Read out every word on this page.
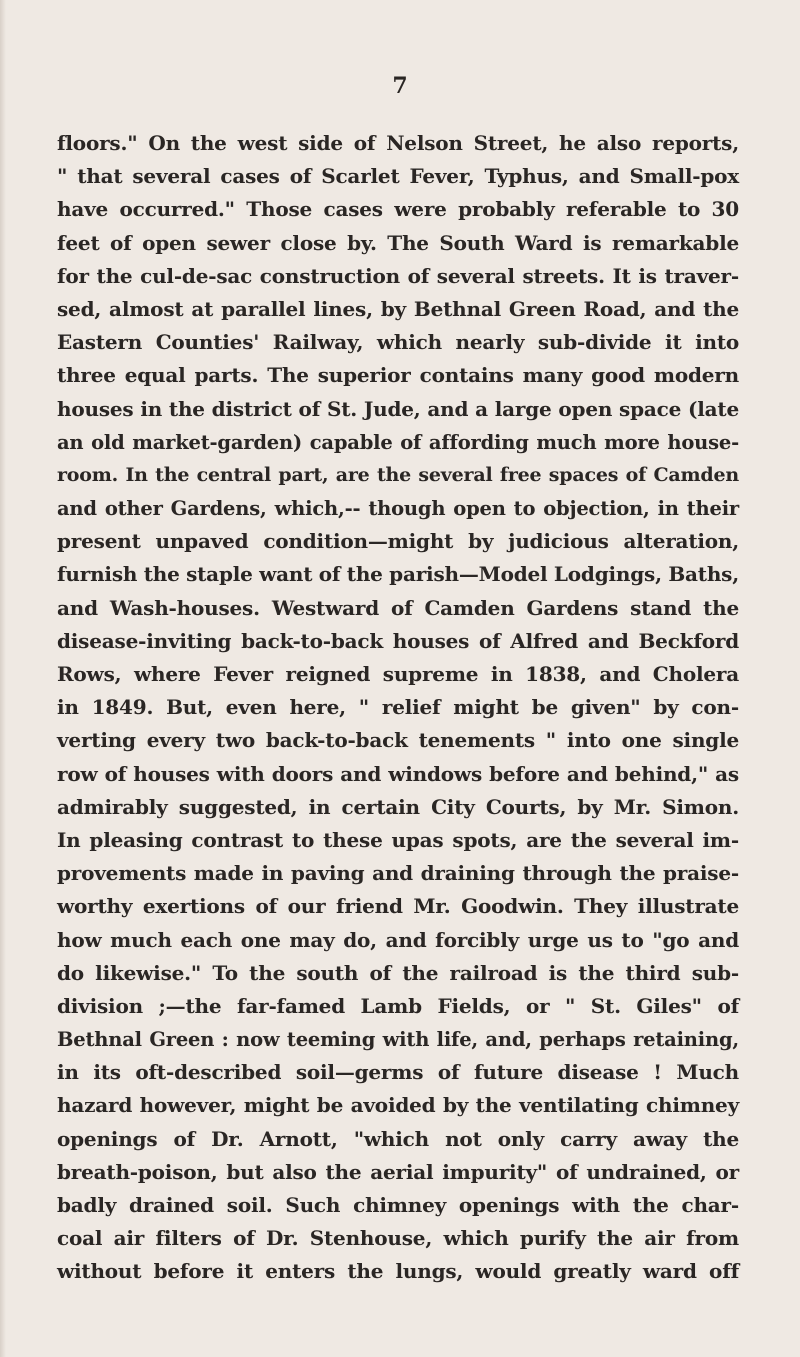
7
floors." On the west side of Nelson Street, he also reports,
" that several cases of Scarlet Fever, Typhus, and Small-pox
have occurred." Those cases were probably referable to 30
feet of open sewer close by. The South Ward is remarkable
for the cul-de-sac construction of several streets. It is traver-
sed, almost at parallel lines, by Bethnal Green Road, and the
Eastern Counties' Railway, which nearly sub-divide it into
three equal parts. The superior contains many good modern
houses in the district of St. Jude, and a large open space (late
an old market-garden) capable of affording much more house-
room. In the central part, are the several free spaces of Camden
and other Gardens, which,-- though open to objection, in their
present unpaved condition—might by judicious alteration,
furnish the staple want of the parish—Model Lodgings, Baths,
and Wash-houses. Westward of Camden Gardens stand the
disease-inviting back-to-back houses of Alfred and Beckford
Rows, where Fever reigned supreme in 1838, and Cholera
in 1849. But, even here, " relief might be given" by con-
verting every two back-to-back tenements " into one single
row of houses with doors and windows before and behind," as
admirably suggested, in certain City Courts, by Mr. Simon.
In pleasing contrast to these upas spots, are the several im-
provements made in paving and draining through the praise-
worthy exertions of our friend Mr. Goodwin. They illustrate
how much each one may do, and forcibly urge us to "go and
do likewise." To the south of the railroad is the third sub-
division ;—the far-famed Lamb Fields, or " St. Giles" of
Bethnal Green : now teeming with life, and, perhaps retaining,
in its oft-described soil—germs of future disease ! Much
hazard however, might be avoided by the ventilating chimney
openings of Dr. Arnott, "which not only carry away the
breath-poison, but also the aerial impurity" of undrained, or
badly drained soil. Such chimney openings with the char-
coal air filters of Dr. Stenhouse, which purify the air from
without before it enters the lungs, would greatly ward off
